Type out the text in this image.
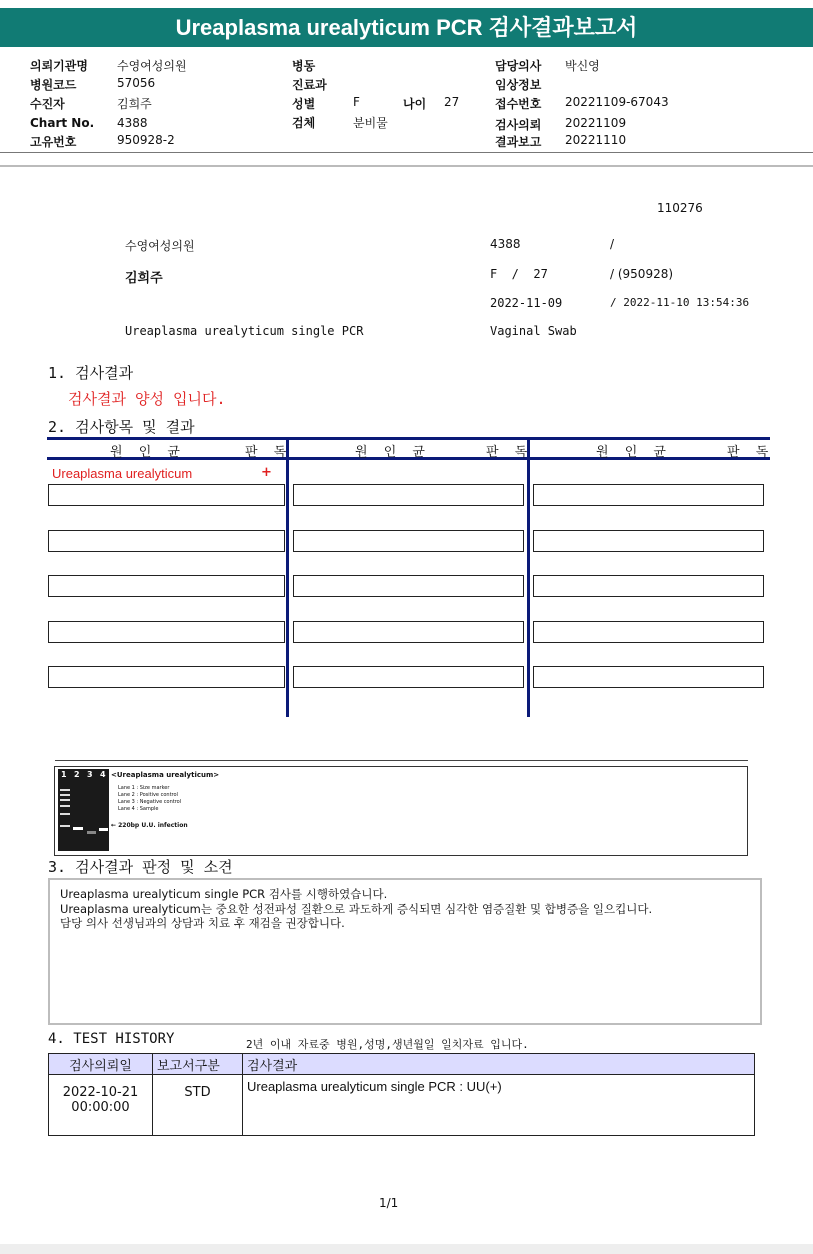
Ureaplasma urealyticum PCR 검사결과보고서
의뢰기관명 수영여성의원
병원코드	57056
수진자	김희주
Chart No. 4388
고유번호	950928-2
병동
진료과
성별	F	나이 27
검체	분비물
담당의사 박신영
임상정보
접수번호 20221109-67043
검사의뢰 20221109
결과보고 20221110
110276
수영여성의원	4388	/
김희주	F  /  27	/ (950928)
2022-11-09	/ 2022-11-10 13:54:36
Ureaplasma urealyticum single PCR	Vaginal Swab
1. 검사결과
검사결과 양성 입니다.
2. 검사항목 및 결과
원 인 균	판 독	원 인 균	판 독	원 인 균	판 독
Ureaplasma urealyticum	+
1 2 3 4 <Ureaplasma urealyticum>
Lane 1 : Size marker
Lane 2 : Positive control
Lane 3 : Negative control
Lane 4 : Sample
← 220bp U.U. infection
3. 검사결과 판정 및 소견
Ureaplasma urealyticum single PCR 검사를 시행하였습니다.
Ureaplasma urealyticum는 중요한 성전파성 질환으로 과도하게 증식되면 심각한 염증질환 및 합병증을 일으킵니다.
담당 의사 선생님과의 상담과 치료 후 재검을 권장합니다.
4. TEST HISTORY	2년 이내 자료중 병원,성명,생년월일 일치자료 입니다.
검사의뢰일	보고서구분	검사결과

2022-10-21
00:00:00	STD	Ureaplasma urealyticum single PCR : UU(+)
1/1
